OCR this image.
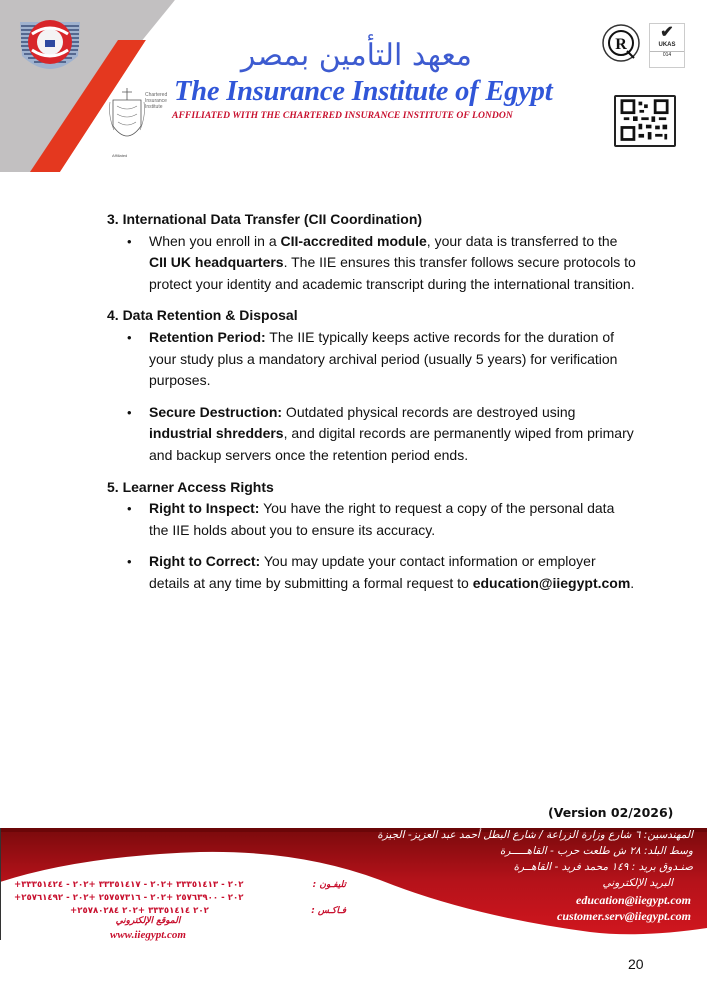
Chartered Insurance Institute
Affiliated
معهد التأمين بمصر
The Insurance Institute of Egypt
AFFILIATED WITH THE CHARTERED INSURANCE INSTITUTE OF LONDON
R
✔
UKAS
014

3. International Data Transfer (CII Coordination)

• When you enroll in a CII-accredited module, your data is transferred to the CII UK headquarters. The IIE ensures this transfer follows secure protocols to protect your identity and academic transcript during the international transition.

4. Data Retention & Disposal

• Retention Period: The IIE typically keeps active records for the duration of your study plus a mandatory archival period (usually 5 years) for verification purposes.
• Secure Destruction: Outdated physical records are destroyed using industrial shredders, and digital records are permanently wiped from primary and backup servers once the retention period ends.

5. Learner Access Rights

• Right to Inspect: You have the right to request a copy of the personal data the IIE holds about you to ensure its accuracy.
• Right to Correct: You may update your contact information or employer details at any time by submitting a formal request to education@iiegypt.com.
(Version 02/2026)
المهندسين: ٦ شارع وزارة الزراعة / شارع البطل أحمد عبد العزيز- الجيزة
وسط البلد: ٢٨ ش طلعت حرب - القاهـــــرة
صنـدوق بريد : ١٤٩ محمد فريد - القاهــرة
البريد الإلكتروني
education@iiegypt.com
customer.serv@iiegypt.com
+٢٠٢ - ٣٣٣٥١٤١٣ +٢٠٢ - ٣٣٣٥١٤١٧ +٢٠٢ - ٣٣٣٥١٤٢٤	تليفـون :
+٢٠٢ - ٢٥٧٦٣٩٠٠ +٢٠٢ - ٢٥٧٥٧٣١٦ +٢٠٢ - ٢٥٧٦١٤٩٢
+٢٠٢ ٣٣٣٥١٤١٤ +٢٠٢ ٢٥٧٨٠٢٨٤	فـاكـس :
الموقع الإلكتروني
www.iiegypt.com
20
